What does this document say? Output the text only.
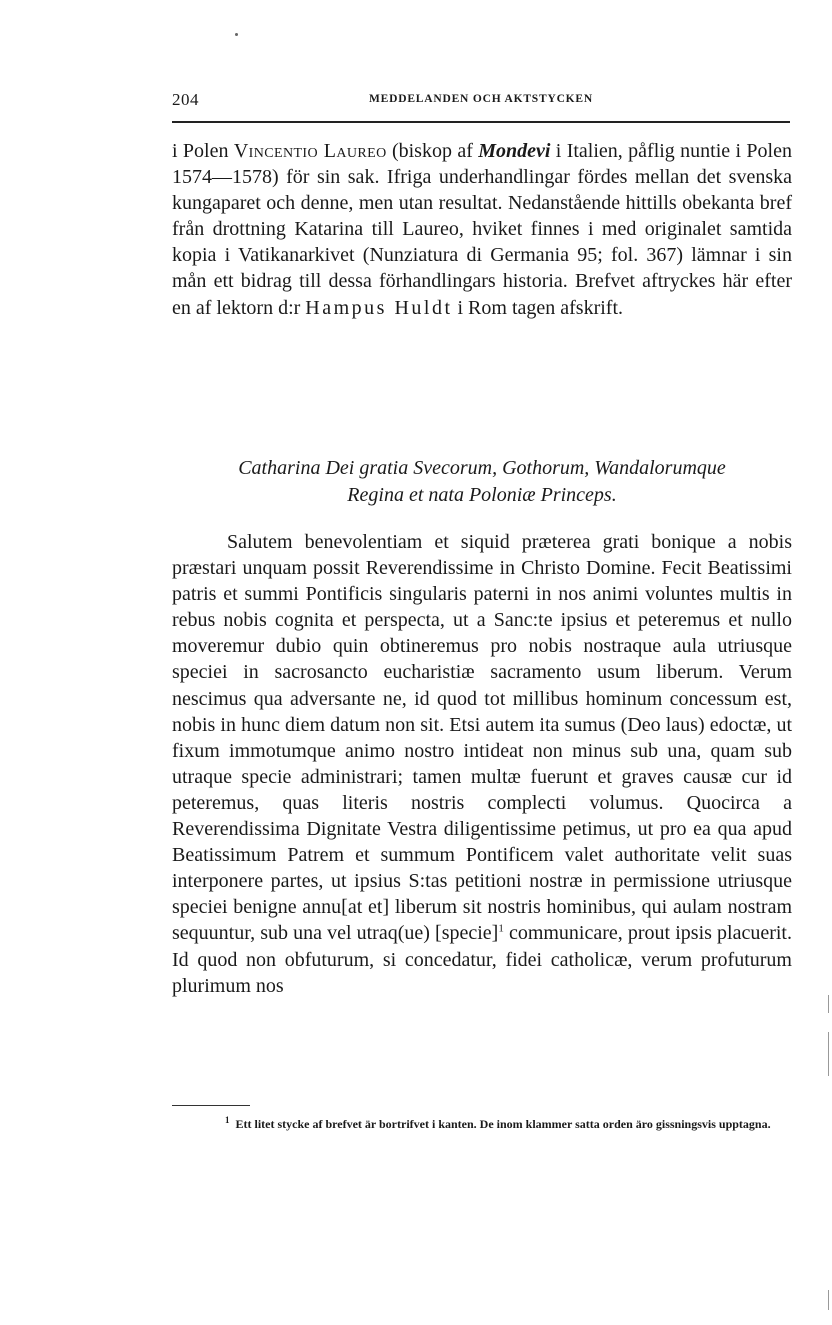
204	MEDDELANDEN OCH AKTSTYCKEN

i Polen Vincentio Laureo (biskop af Mondevi i Italien, påflig nuntie i Polen 1574—1578) för sin sak. Ifriga underhandlingar fördes mellan det svenska kungaparet och denne, men utan resultat. Nedanstående hittills obekanta bref från drottning Katarina till Laureo, hviket finnes i med originalet samtida kopia i Vatikanarkivet (Nunziatura di Germania 95; fol. 367) lämnar i sin mån ett bidrag till dessa förhandlingars historia. Brefvet aftryckes här efter en af lektorn d:r Hampus Huldt i Rom tagen afskrift.

Catharina Dei gratia Svecorum, Gothorum, Wandalorumque
Regina et nata Poloniæ Princeps.

Salutem benevolentiam et siquid præterea grati bonique a nobis præstari unquam possit Reverendissime in Christo Domine. Fecit Beatissimi patris et summi Pontificis singularis paterni in nos animi voluntes multis in rebus nobis cognita et perspecta, ut a Sanc:te ipsius et peteremus et nullo moveremur dubio quin obtineremus pro nobis nostraque aula utriusque speciei in sacrosancto eucharistiæ sacramento usum liberum. Verum nescimus qua adversante ne, id quod tot millibus hominum concessum est, nobis in hunc diem datum non sit. Etsi autem ita sumus (Deo laus) edoctæ, ut fixum immotumque animo nostro intideat non minus sub una, quam sub utraque specie administrari; tamen multæ fuerunt et graves causæ cur id peteremus, quas literis nostris complecti volumus. Quocirca a Reverendissima Dignitate Vestra diligentissime petimus, ut pro ea qua apud Beatissimum Patrem et summum Pontificem valet authoritate velit suas interponere partes, ut ipsius S:tas petitioni nostræ in permissione utriusque speciei benigne annu[at et] liberum sit nostris hominibus, qui aulam nostram sequuntur, sub una vel utraq(ue) [specie]$^1$ communicare, prout ipsis placuerit. Id quod non obfuturum, si concedatur, fidei catholicæ, verum profuturum plurimum nos

$^1$ Ett litet stycke af brefvet är bortrifvet i kanten. De inom klammer satta orden äro gissningsvis upptagna.
